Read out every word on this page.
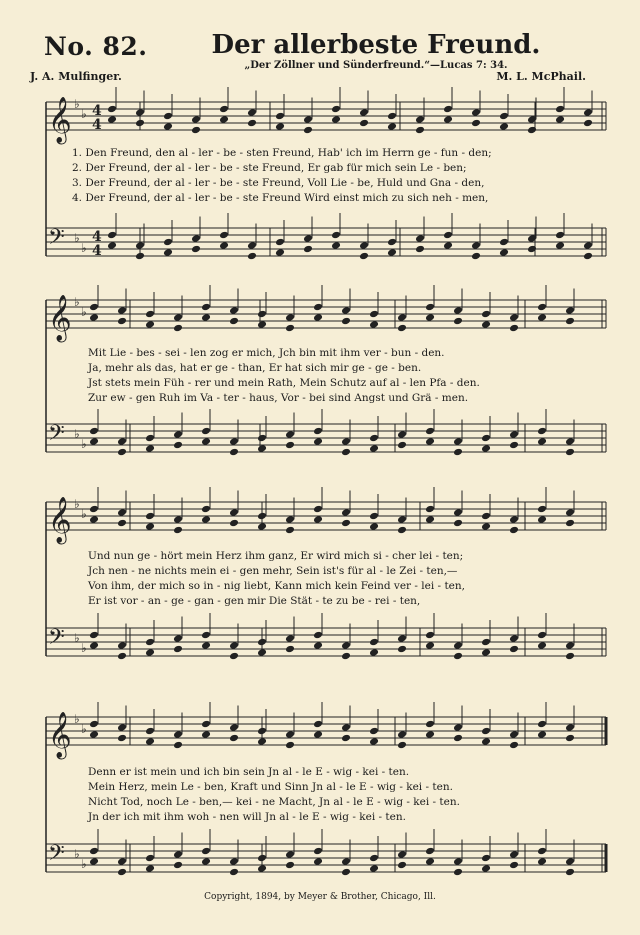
No. 82.	Der allerbeste Freund.
„Der Zöllner und Sünderfreund.“—Lucas 7: 34.
J. A. Mulfinger.	M. L. McPhail.
𝄞 ♭
♭ 4
4
𝄢 ♭
♭
4
4
𝄞 ♭
♭
𝄢 ♭
♭
𝄞 ♭
♭
𝄢 ♭
♭
𝄞 ♭
♭
𝄢 ♭
♭
1. Den Freund, den al - ler - be - sten Freund, Hab' ich im Herrn ge - fun - den;
2. Der Freund, der al - ler - be - ste Freund, Er gab für mich sein Le - ben;
3. Der Freund, der al - ler - be - ste Freund, Voll Lie - be, Huld und Gna - den,
4. Der Freund, der al - ler - be - ste Freund Wird einst mich zu sich neh - men,
Mit Lie - bes - sei - len zog er mich, Jch bin mit ihm ver - bun - den.
Ja, mehr als das, hat er ge - than, Er hat sich mir ge - ge - ben.
Jst stets mein Füh - rer und mein Rath, Mein Schutz auf al - len Pfa - den.
Zur ew - gen Ruh im Va - ter - haus, Vor - bei sind Angst und Grä - men.
Und nun ge - hört mein Herz ihm ganz, Er wird mich si - cher lei - ten;
Jch nen - ne nichts mein ei - gen mehr, Sein ist's für al - le Zei - ten,—
Von ihm, der mich so in - nig liebt, Kann mich kein Feind ver - lei - ten,
Er ist vor - an - ge - gan - gen mir Die Stät - te zu be - rei - ten,
Denn er ist mein und ich bin sein Jn al - le E - wig - kei - ten.
Mein Herz, mein Le - ben, Kraft und Sinn Jn al - le E - wig - kei - ten.
Nicht Tod, noch Le - ben,— kei - ne Macht, Jn al - le E - wig - kei - ten.
Jn der ich mit ihm woh - nen will Jn al - le E - wig - kei - ten.
Copyright, 1894, by Meyer & Brother, Chicago, Ill.
